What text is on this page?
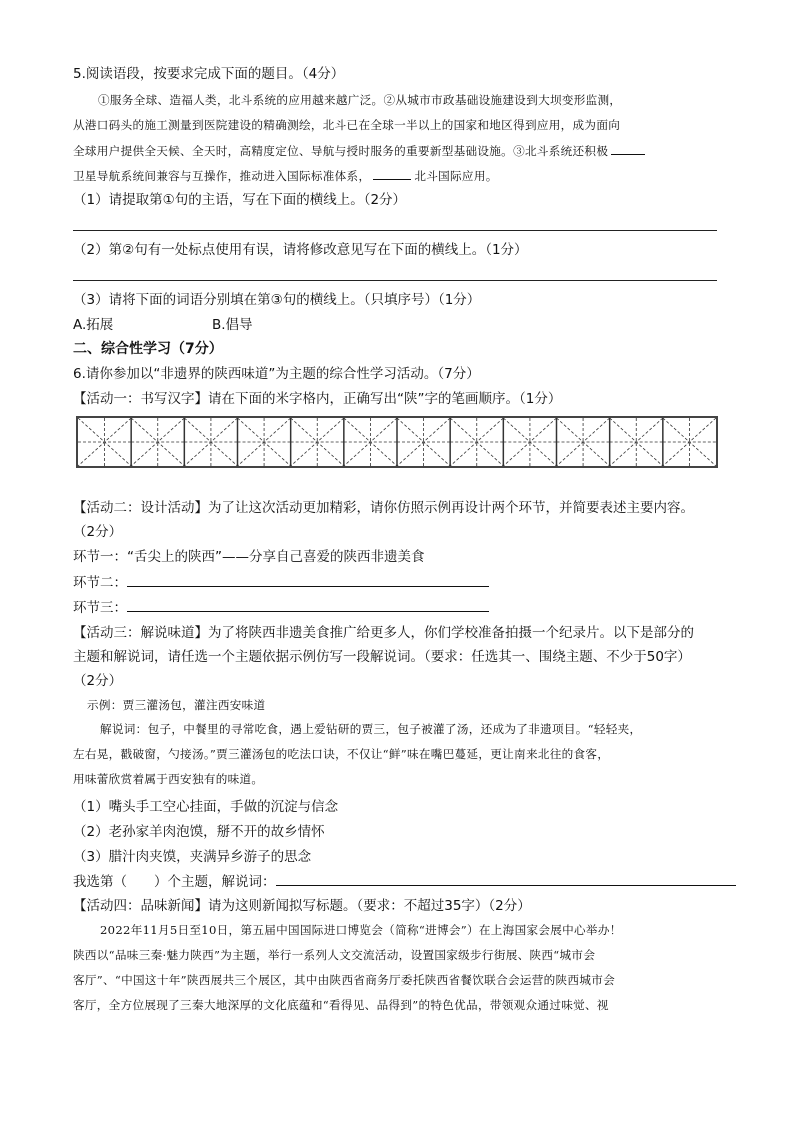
5.阅读语段，按要求完成下面的题目。（4分）
①服务全球、造福人类，北斗系统的应用越来越广泛。②从城市市政基础设施建设到大坝变形监测，
从港口码头的施工测量到医院建设的精确测绘，北斗已在全球一半以上的国家和地区得到应用，成为面向
全球用户提供全天候、全天时，高精度定位、导航与授时服务的重要新型基础设施。③北斗系统还积极
卫星导航系统间兼容与互操作，推动进入国际标准体系，	北斗国际应用。
（1）请提取第①句的主语，写在下面的横线上。（2分）
（2）第②句有一处标点使用有误，请将修改意见写在下面的横线上。（1分）
（3）请将下面的词语分别填在第③句的横线上。（只填序号）（1分）
A.拓展	B.倡导
二、综合性学习（7分）
6.请你参加以“非遗界的陕西味道”为主题的综合性学习活动。（7分）
【活动一：书写汉字】请在下面的米字格内，正确写出“陕”字的笔画顺序。（1分）
【活动二：设计活动】为了让这次活动更加精彩，请你仿照示例再设计两个环节，并简要表述主要内容。
（2分）
环节一：“舌尖上的陕西”——分享自己喜爱的陕西非遗美食
环节二：
环节三：
【活动三：解说味道】为了将陕西非遗美食推广给更多人，你们学校准备拍摄一个纪录片。以下是部分的
主题和解说词，请任选一个主题依据示例仿写一段解说词。（要求：任选其一、围绕主题、不少于50字）
（2分）
示例：贾三灌汤包，灌注西安味道
解说词：包子，中餐里的寻常吃食，遇上爱钻研的贾三，包子被灌了汤，还成为了非遗项目。“轻轻夹，
左右晃，戳破窗，勺接汤。”贾三灌汤包的吃法口诀，不仅让“鲜”味在嘴巴蔓延，更让南来北往的食客，
用味蕾欣赏着属于西安独有的味道。
（1）嘴头手工空心挂面，手做的沉淀与信念
（2）老孙家羊肉泡馍，掰不开的故乡情怀
（3）腊汁肉夹馍，夹满异乡游子的思念
我选第（　　）个主题，解说词：
【活动四：品味新闻】请为这则新闻拟写标题。（要求：不超过35字）（2分）
2022年11月5日至10日，第五届中国国际进口博览会（简称“进博会”）在上海国家会展中心举办！
陕西以“品味三秦·魅力陕西”为主题，举行一系列人文交流活动，设置国家级步行街展、陕西“城市会
客厅”、“中国这十年”陕西展共三个展区，其中由陕西省商务厅委托陕西省餐饮联合会运营的陕西城市会
客厅，全方位展现了三秦大地深厚的文化底蕴和“看得见、品得到”的特色优品，带领观众通过味觉、视
